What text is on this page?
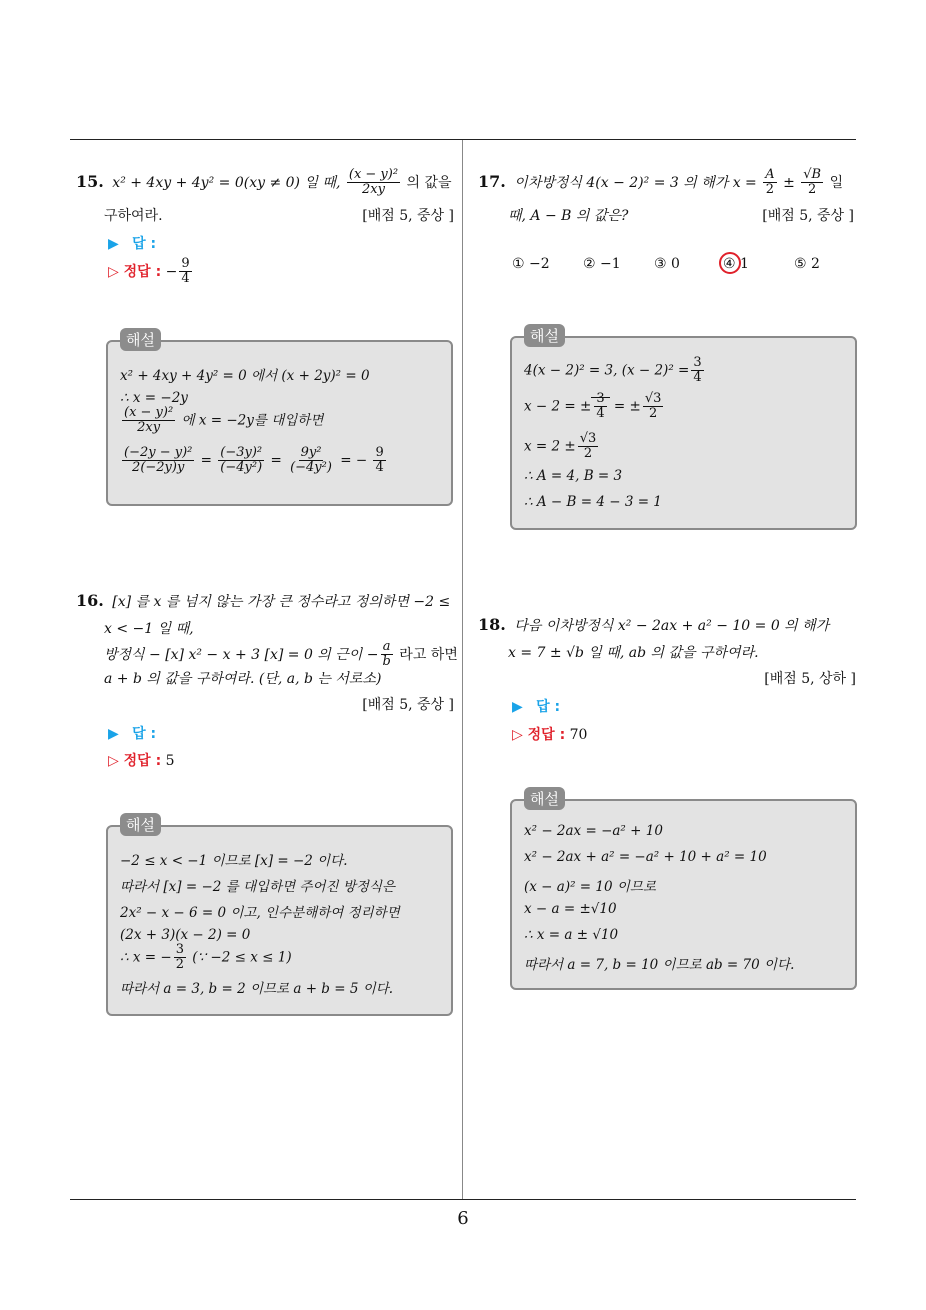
6
15. x² + 4xy + 4y² = 0(xy ≠ 0) 일 때, $\frac{\text{(x − y)²}}{2xy}$ 의 값을
구하여라.	[배점 5, 중상 ]
▶ 답 :
▷ 정답 : − $\frac{9}{4}$
x² + 4xy + 4y² = 0 에서 (x + 2y)² = 0
∴ x = −2y
$\frac{\text{(x − y)²}}{2xy}$ 에 x = −2y를 대입하면
$\frac{\text{(−2y − y)²}}{2(-2y)y} = \frac{\text{(−3y)²}}{\text{(−4y²)}} = \frac{\text{9y²}}{\text{(−4y²)}}$ = − $\frac{9}{4}$
해설
16. [x] 를 x 를 넘지 않는 가장 큰 정수라고 정의하면 −2 ≤
x < −1 일 때,
방정식 − [x] x² − x + 3 [x] = 0 의 근이 − $\frac{a}{b}$ 라고 하면
a + b 의 값을 구하여라. (단, a, b 는 서로소)
[배점 5, 중상 ]
▶ 답 :
▷ 정답 : 5
−2 ≤ x < −1 이므로 [x] = −2 이다.
따라서 [x] = −2 를 대입하면 주어진 방정식은
2x² − x − 6 = 0 이고, 인수분해하여 정리하면
(2x + 3)(x − 2) = 0
∴ x = − $\frac{3}{2}$ (∵ −2 ≤ x ≤ 1)
따라서 a = 3, b = 2 이므로 a + b = 5 이다.
해설
17. 이차방정식 4(x − 2)² = 3 의 해가 $x = \frac{A}{2} \pm \frac{√B}{2}$ 일
때, A − B 의 값은?	[배점 5, 중상 ]
① −2 ② −1 ③ 0	④ 1	⑤ 2
4(x − 2)² = 3, $(x - 2)^2 = \frac{3}{4}$
x − 2 = ± $\frac{3}{4}$ = ± $\frac{√3}{2}$
$x = 2 \pm \frac{√3}{2}$
∴ A = 4, B = 3
∴ A − B = 4 − 3 = 1
해설
18. 다음 이차방정식 x² − 2ax + a² − 10 = 0 의 해가
x = 7 ± √b 일 때, ab 의 값을 구하여라.
[배점 5, 상하 ]
▶ 답 :
▷ 정답 : 70
x² − 2ax = −a² + 10
x² − 2ax + a² = −a² + 10 + a² = 10
(x − a)² = 10 이므로
x − a = ±√10
∴ x = a ± √10
따라서 a = 7, b = 10 이므로 ab = 70 이다.
해설
